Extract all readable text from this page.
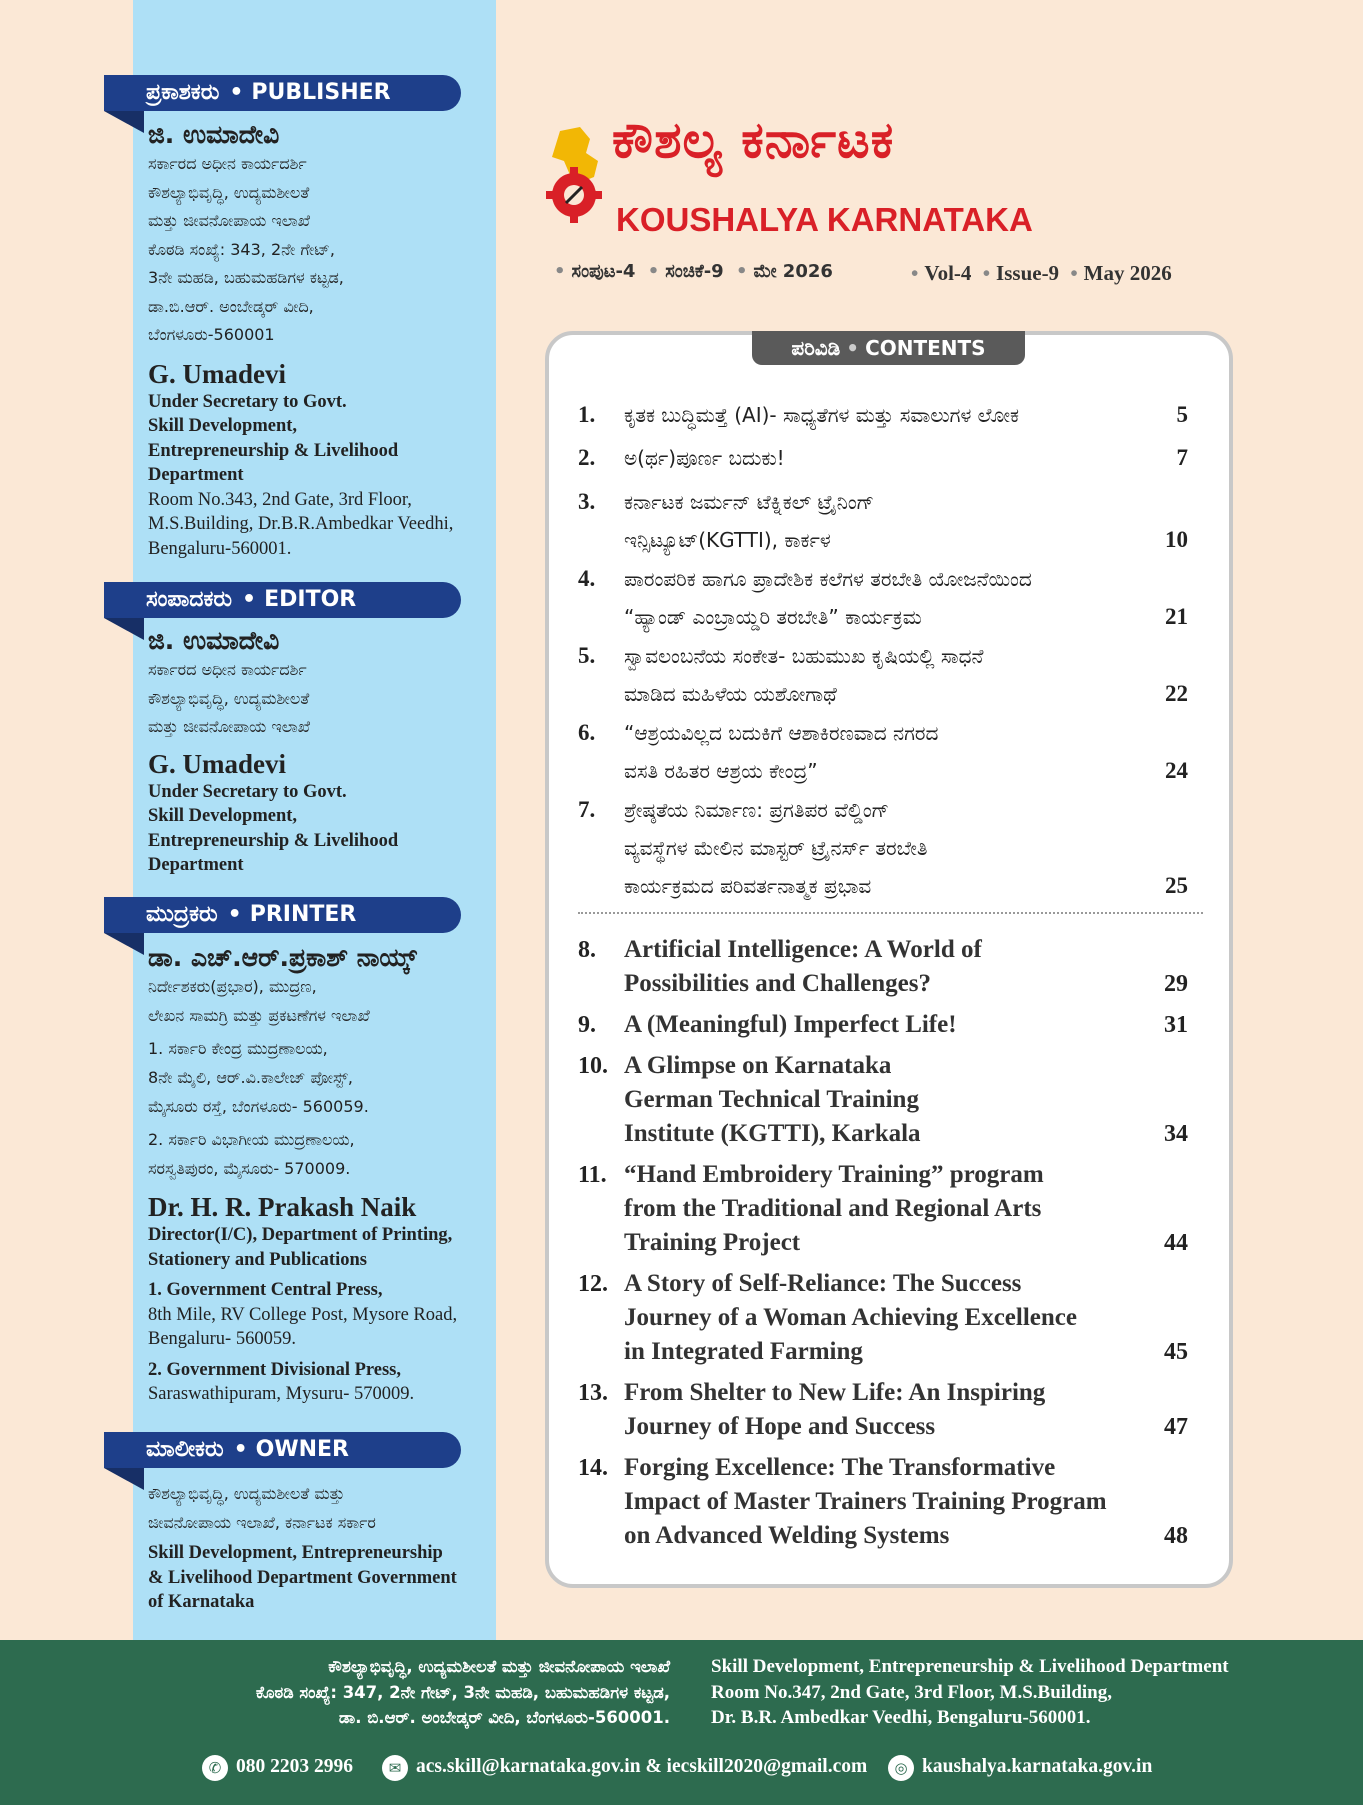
ಪ್ರಕಾಶಕರು • PUBLISHER
ಜಿ. ಉಮಾದೇವಿ
ಸರ್ಕಾರದ ಅಧೀನ ಕಾರ್ಯದರ್ಶಿ
ಕೌಶಲ್ಯಾಭಿವೃದ್ಧಿ, ಉದ್ಯಮಶೀಲತೆ
ಮತ್ತು ಜೀವನೋಪಾಯ ಇಲಾಖೆ
ಕೊಠಡಿ ಸಂಖ್ಯೆ: 343, 2ನೇ ಗೇಟ್,
3ನೇ ಮಹಡಿ, ಬಹುಮಹಡಿಗಳ ಕಟ್ಟಡ,
ಡಾ.ಬಿ.ಆರ್. ಅಂಬೇಡ್ಕರ್ ವೀದಿ,
ಬೆಂಗಳೂರು-560001
G. Umadevi
Under Secretary to Govt.
Skill Development,
Entrepreneurship & Livelihood
Department
Room No.343, 2nd Gate, 3rd Floor,
M.S.Building, Dr.B.R.Ambedkar Veedhi,
Bengaluru-560001.
ಸಂಪಾದಕರು • EDITOR
ಜಿ. ಉಮಾದೇವಿ
ಸರ್ಕಾರದ ಅಧೀನ ಕಾರ್ಯದರ್ಶಿ
ಕೌಶಲ್ಯಾಭಿವೃದ್ಧಿ, ಉದ್ಯಮಶೀಲತೆ
ಮತ್ತು ಜೀವನೋಪಾಯ ಇಲಾಖೆ
G. Umadevi
Under Secretary to Govt.
Skill Development,
Entrepreneurship & Livelihood
Department
ಮುದ್ರಕರು • PRINTER
ಡಾ. ಎಚ್.ಆರ್.ಪ್ರಕಾಶ್ ನಾಯ್ಕ್
ನಿರ್ದೇಶಕರು(ಪ್ರಭಾರ), ಮುದ್ರಣ,
ಲೇಖನ ಸಾಮಗ್ರಿ ಮತ್ತು ಪ್ರಕಟಣೆಗಳ ಇಲಾಖೆ
1. ಸರ್ಕಾರಿ ಕೇಂದ್ರ ಮುದ್ರಣಾಲಯ,
8ನೇ ಮೈಲಿ, ಆರ್.ವಿ.ಕಾಲೇಜ್ ಪೋಸ್ಟ್,
ಮೈಸೂರು ರಸ್ತೆ, ಬೆಂಗಳೂರು- 560059.
2. ಸರ್ಕಾರಿ ವಿಭಾಗೀಯ ಮುದ್ರಣಾಲಯ,
ಸರಸ್ವತಿಪುರಂ, ಮೈಸೂರು- 570009.
Dr. H. R. Prakash Naik
Director(I/C), Department of Printing,
Stationery and Publications
1. Government Central Press,
8th Mile, RV College Post, Mysore Road,
Bengaluru- 560059.
2. Government Divisional Press,
Saraswathipuram, Mysuru- 570009.
ಮಾಲೀಕರು • OWNER
ಕೌಶಲ್ಯಾಭಿವೃದ್ಧಿ, ಉದ್ಯಮಶೀಲತೆ ಮತ್ತು
ಜೀವನೋಪಾಯ ಇಲಾಖೆ, ಕರ್ನಾಟಕ ಸರ್ಕಾರ
Skill Development, Entrepreneurship
& Livelihood Department Government
of Karnataka
ಕೌಶಲ್ಯ ಕರ್ನಾಟಕ
KOUSHALYA KARNATAKA
• ಸಂಪುಟ-4 • ಸಂಚಿಕೆ-9 • ಮೇ 2026	• Vol-4 • Issue-9 • May 2026
ಪರಿವಿಡಿ • CONTENTS
1. ಕೃತಕ ಬುದ್ಧಿಮತ್ತೆ (AI)- ಸಾಧ್ಯತೆಗಳ ಮತ್ತು ಸವಾಲುಗಳ ಲೋಕ	5
2. ಅ(ರ್ಥ)ಪೂರ್ಣ ಬದುಕು!	7
3. ಕರ್ನಾಟಕ ಜರ್ಮನ್ ಟೆಕ್ನಿಕಲ್ ಟ್ರೈನಿಂಗ್
ಇನ್ಸಿಟ್ಯೂಟ್(KGTTI), ಕಾರ್ಕಳ	10
4. ಪಾರಂಪರಿಕ ಹಾಗೂ ಪ್ರಾದೇಶಿಕ ಕಲೆಗಳ ತರಬೇತಿ ಯೋಜನೆಯಿಂದ
“ಹ್ಯಾಂಡ್ ಎಂಬ್ರಾಯ್ಡರಿ ತರಬೇತಿ” ಕಾರ್ಯಕ್ರಮ	21
5. ಸ್ವಾವಲಂಬನೆಯ ಸಂಕೇತ- ಬಹುಮುಖ ಕೃಷಿಯಲ್ಲಿ ಸಾಧನೆ
ಮಾಡಿದ ಮಹಿಳೆಯ ಯಶೋಗಾಥೆ	22
6. “ಆಶ್ರಯವಿಲ್ಲದ ಬದುಕಿಗೆ ಆಶಾಕಿರಣವಾದ ನಗರದ
ವಸತಿ ರಹಿತರ ಆಶ್ರಯ ಕೇಂದ್ರ”	24
7. ಶ್ರೇಷ್ಠತೆಯ ನಿರ್ಮಾಣ: ಪ್ರಗತಿಪರ ವೆಲ್ಡಿಂಗ್
ವ್ಯವಸ್ಥೆಗಳ ಮೇಲಿನ ಮಾಸ್ಟರ್ ಟ್ರೈನರ್ಸ್ ತರಬೇತಿ
ಕಾರ್ಯಕ್ರಮದ ಪರಿವರ್ತನಾತ್ಮಕ ಪ್ರಭಾವ	25
8. Artificial Intelligence: A World of
Possibilities and Challenges?	29
9. A (Meaningful) Imperfect Life!	31
10. A Glimpse on Karnataka
German Technical Training
Institute (KGTTI), Karkala	34
11. “Hand Embroidery Training” program
from the Traditional and Regional Arts
Training Project	44
12. A Story of Self-Reliance: The Success
Journey of a Woman Achieving Excellence
in Integrated Farming	45
13. From Shelter to New Life: An Inspiring
Journey of Hope and Success	47
14. Forging Excellence: The Transformative
Impact of Master Trainers Training Program
on Advanced Welding Systems	48
ಕೌಶಲ್ಯಾಭಿವೃದ್ಧಿ, ಉದ್ಯಮಶೀಲತೆ ಮತ್ತು ಜೀವನೋಪಾಯ ಇಲಾಖೆ
ಕೊಠಡಿ ಸಂಖ್ಯೆ: 347, 2ನೇ ಗೇಟ್, 3ನೇ ಮಹಡಿ, ಬಹುಮಹಡಿಗಳ ಕಟ್ಟಡ,
ಡಾ. ಬಿ.ಆರ್. ಅಂಬೇಡ್ಕರ್ ವೀದಿ, ಬೆಂಗಳೂರು-560001.
Skill Development, Entrepreneurship & Livelihood Department
Room No.347, 2nd Gate, 3rd Floor, M.S.Building,
Dr. B.R. Ambedkar Veedhi, Bengaluru-560001.
✆ 080 2203 2996	✉ acs.skill@karnataka.gov.in & iecskill2020@gmail.com	◎ kaushalya.karnataka.gov.in
